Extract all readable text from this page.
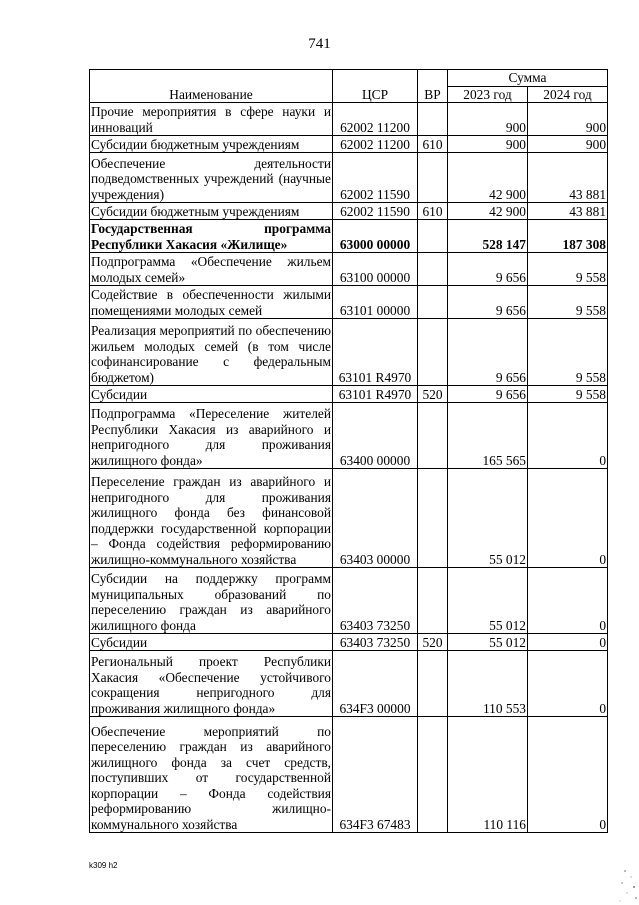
741
Наименование	ЦСР	ВР	Сумма	
			2023 год	2024 год
Прочие мероприятия в сфере науки и инноваций	62002 11200		900	900
Субсидии бюджетным учреждениям	62002 11200	610	900	900
Обеспечение деятельности подведомственных учреждений (научные учреждения)	62002 11590		42 900	43 881
Субсидии бюджетным учреждениям	62002 11590	610	42 900	43 881
Государственная программа Республики Хакасия «Жилище»	63000 00000		528 147	187 308
Подпрограмма «Обеспечение жильем молодых семей»	63100 00000		9 656	9 558
Содействие в обеспеченности жилыми помещениями молодых семей	63101 00000		9 656	9 558
Реализация мероприятий по обеспечению жильем молодых семей (в том числе софинансирование с федеральным бюджетом)	63101 R4970		9 656	9 558
Субсидии	63101 R4970	520	9 656	9 558
Подпрограмма «Переселение жителей Республики Хакасия из аварийного и непригодного для проживания жилищного фонда»	63400 00000		165 565	0
Переселение граждан из аварийного и непригодного для проживания жилищного фонда без финансовой поддержки государственной корпорации – Фонда содействия реформированию жилищно-коммунального хозяйства	63403 00000		55 012	0
Субсидии на поддержку программ муниципальных образований по переселению граждан из аварийного жилищного фонда	63403 73250		55 012	0
Субсидии	63403 73250	520	55 012	0
Региональный проект Республики Хакасия «Обеспечение устойчивого сокращения непригодного для проживания жилищного фонда»	634F3 00000		110 553	0
Обеспечение мероприятий по переселению граждан из аварийного жилищного фонда за счет средств, поступивших от государственной корпорации – Фонда содействия реформированию жилищно-коммунального хозяйства	634F3 67483		110 116	0
k309 h2
